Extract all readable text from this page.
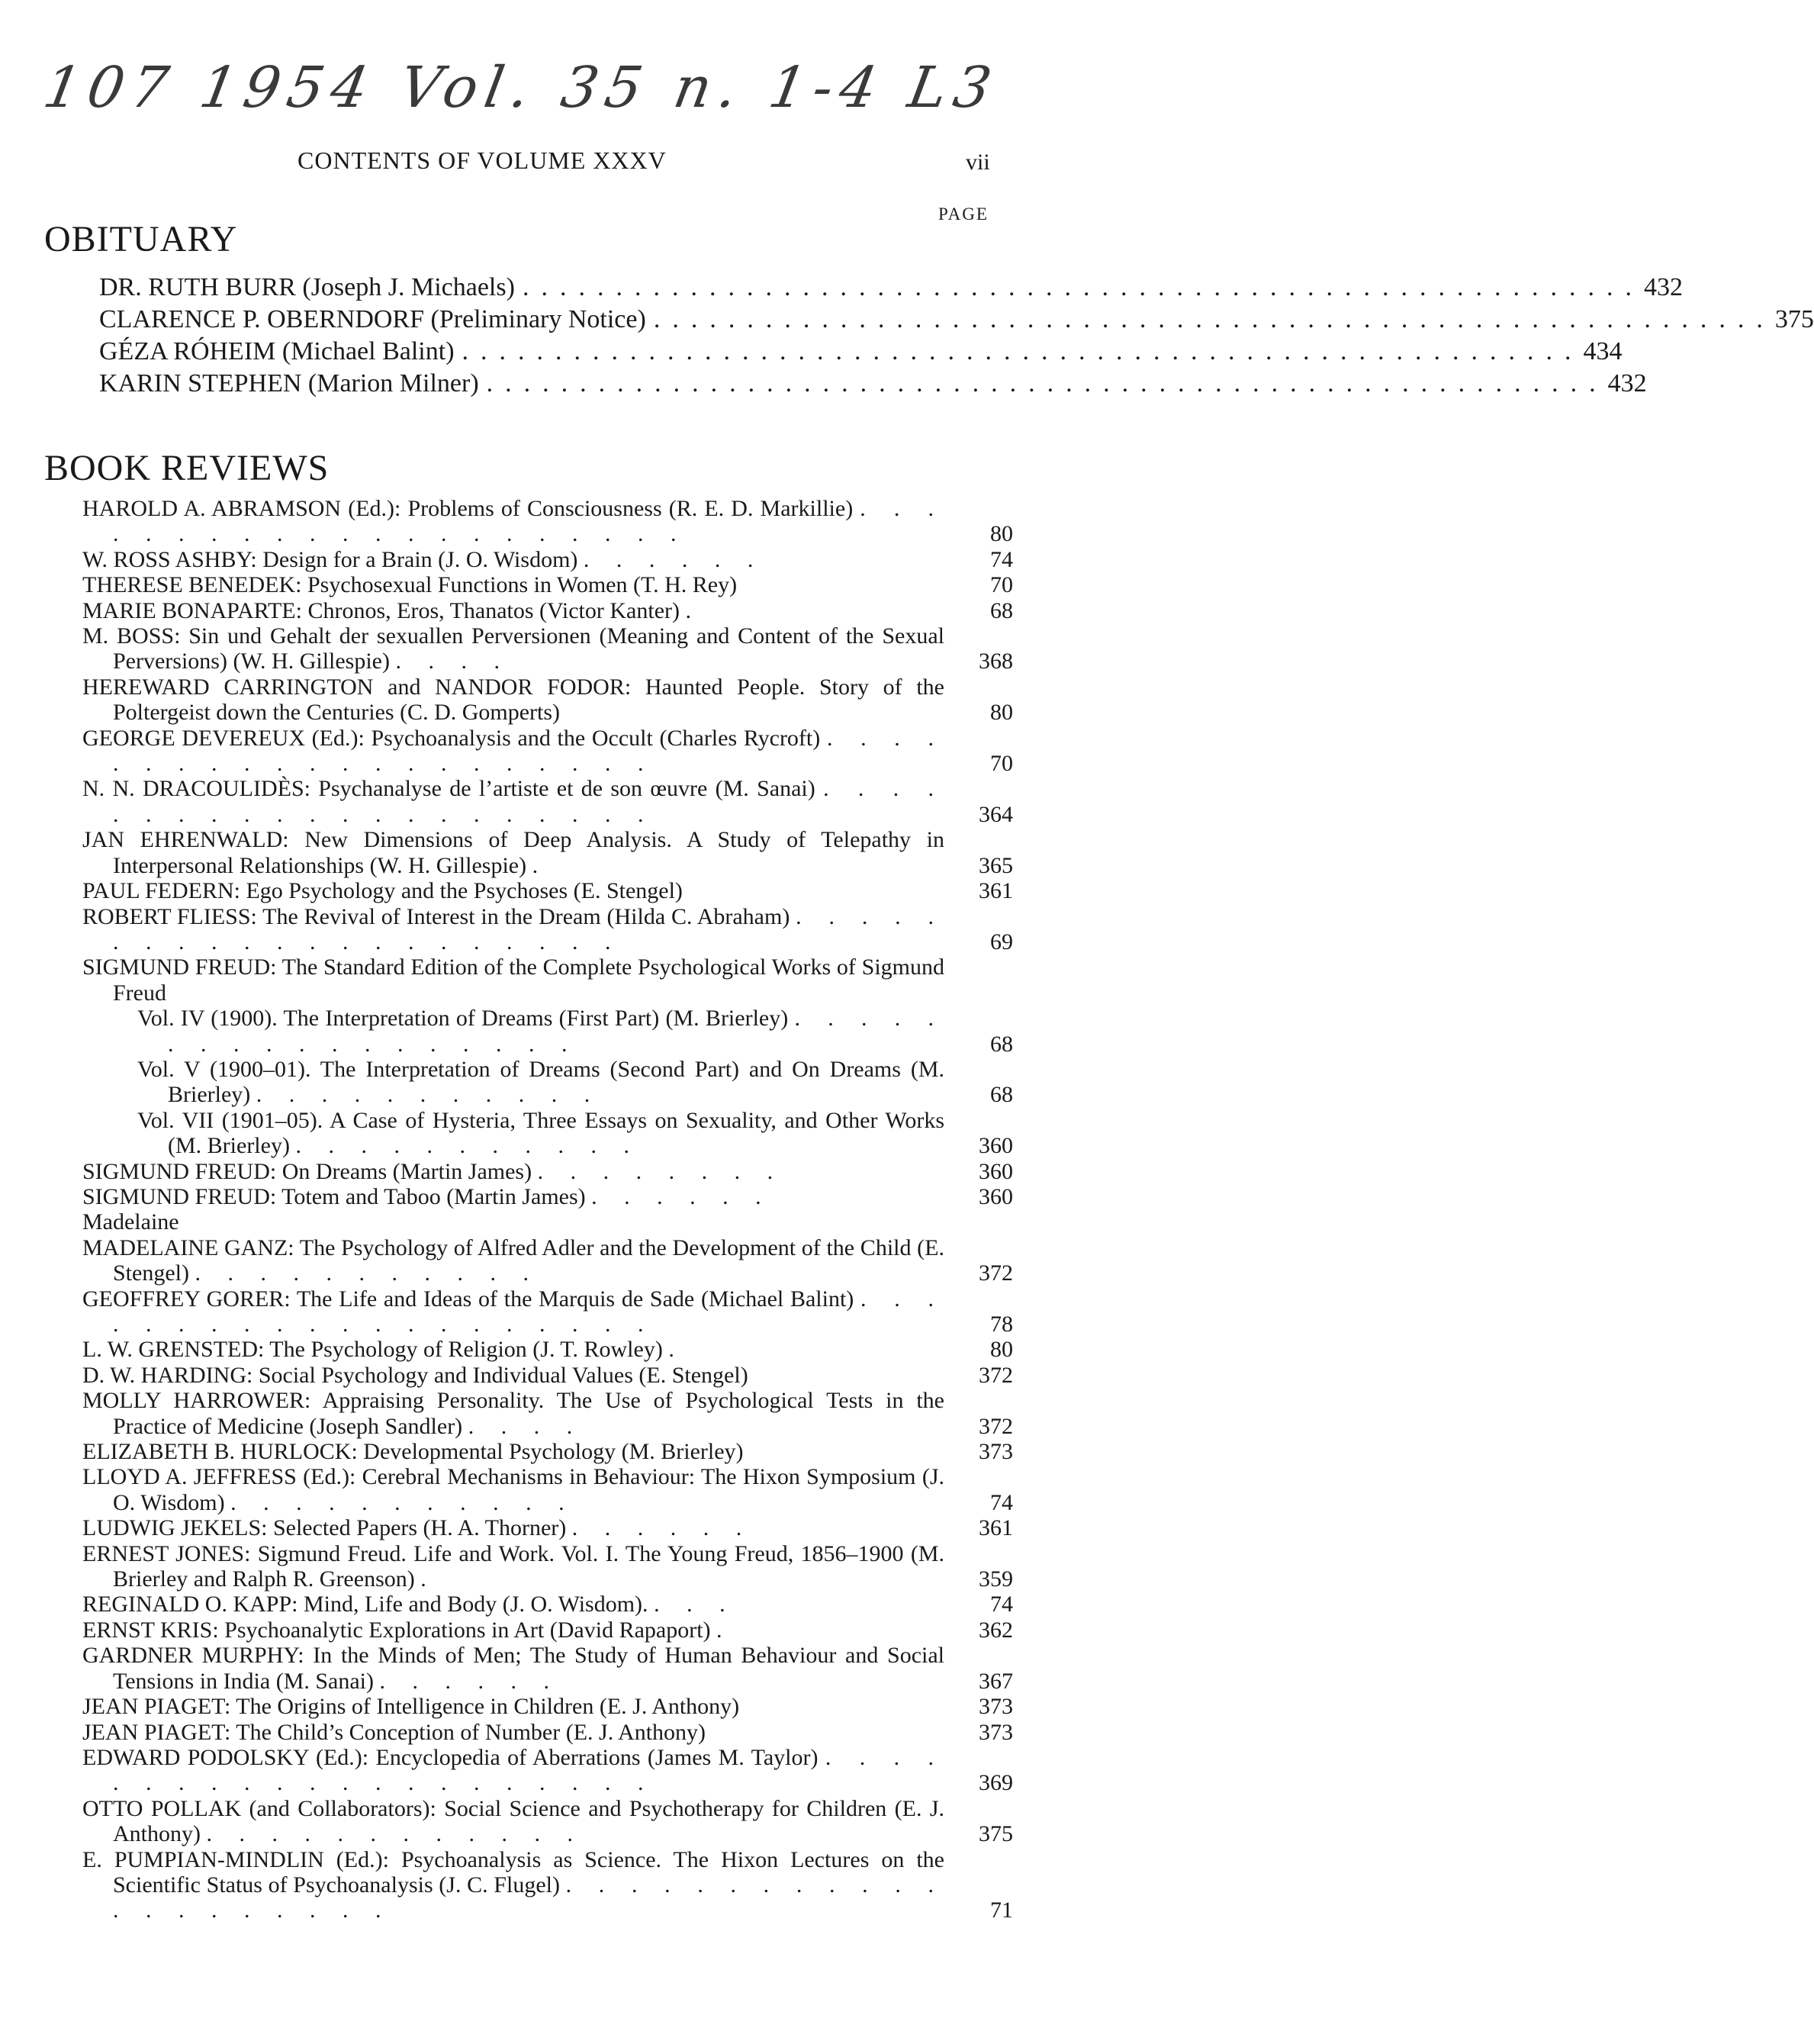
107 1954 Vol. 35 n. 1-4 L3
CONTENTS OF VOLUME XXXV	vii
PAGE
OBITUARY
DR. RUTH BURR (Joseph J. Michaels) ............................................................ 432
CLARENCE P. OBERNDORF (Preliminary Notice) ............................................................ 375
GÉZA RÓHEIM (Michael Balint) ............................................................ 434
KARIN STEPHEN (Marion Milner) ............................................................ 432
BOOK REVIEWS
HAROLD A. ABRAMSON (Ed.): Problems of Consciousness (R. E. D. Markillie) . . . . . . . . . . . . . . . . . . . . .	80
W. ROSS ASHBY: Design for a Brain (J. O. Wisdom) . . . . . .	74
THERESE BENEDEK: Psychosexual Functions in Women (T. H. Rey)	70
MARIE BONAPARTE: Chronos, Eros, Thanatos (Victor Kanter) .	68
M. BOSS: Sin und Gehalt der sexuallen Perversionen (Meaning and Content of the Sexual Perversions) (W. H. Gillespie) . . . .	368
HEREWARD CARRINGTON and NANDOR FODOR: Haunted People. Story of the Poltergeist down the Centuries (C. D. Gomperts)	80
GEORGE DEVEREUX (Ed.): Psychoanalysis and the Occult (Charles Rycroft) . . . . . . . . . . . . . . . . . . . . .	70
N. N. DRACOULIDÈS: Psychanalyse de l’artiste et de son œuvre (M. Sanai) . . . . . . . . . . . . . . . . . . . . .	364
JAN EHRENWALD: New Dimensions of Deep Analysis. A Study of Telepathy in Interpersonal Relationships (W. H. Gillespie) .	365
PAUL FEDERN: Ego Psychology and the Psychoses (E. Stengel)	361
ROBERT FLIESS: The Revival of Interest in the Dream (Hilda C. Abraham) . . . . . . . . . . . . . . . . . . . . .	69
SIGMUND FREUD: The Standard Edition of the Complete Psychological Works of Sigmund Freud
Vol. IV (1900). The Interpretation of Dreams (First Part) (M. Brierley) . . . . . . . . . . . . . . . . . .	68
Vol. V (1900–01). The Interpretation of Dreams (Second Part) and On Dreams (M. Brierley) . . . . . . . . . . .	68
Vol. VII (1901–05). A Case of Hysteria, Three Essays on Sexuality, and Other Works (M. Brierley) . . . . . . . . . . .	360
SIGMUND FREUD: On Dreams (Martin James) . . . . . . . .	360
SIGMUND FREUD: Totem and Taboo (Martin James) . . . . . .	360
Madelaine
MADELAINE GANZ: The Psychology of Alfred Adler and the Development of the Child (E. Stengel) . . . . . . . . . . .	372
GEOFFREY GORER: The Life and Ideas of the Marquis de Sade (Michael Balint) . . . . . . . . . . . . . . . . . . . .	78
L. W. GRENSTED: The Psychology of Religion (J. T. Rowley) .	80
D. W. HARDING: Social Psychology and Individual Values (E. Stengel)	372
MOLLY HARROWER: Appraising Personality. The Use of Psychological Tests in the Practice of Medicine (Joseph Sandler) . . . .	372
ELIZABETH B. HURLOCK: Developmental Psychology (M. Brierley)	373
LLOYD A. JEFFRESS (Ed.): Cerebral Mechanisms in Behaviour: The Hixon Symposium (J. O. Wisdom) . . . . . . . . . . .	74
LUDWIG JEKELS: Selected Papers (H. A. Thorner) . . . . . .	361
ERNEST JONES: Sigmund Freud. Life and Work. Vol. I. The Young Freud, 1856–1900 (M. Brierley and Ralph R. Greenson) .	359
REGINALD O. KAPP: Mind, Life and Body (J. O. Wisdom). . . .	74
ERNST KRIS: Psychoanalytic Explorations in Art (David Rapaport) .	362
GARDNER MURPHY: In the Minds of Men; The Study of Human Behaviour and Social Tensions in India (M. Sanai) . . . . . .	367
JEAN PIAGET: The Origins of Intelligence in Children (E. J. Anthony)	373
JEAN PIAGET: The Child’s Conception of Number (E. J. Anthony)	373
EDWARD PODOLSKY (Ed.): Encyclopedia of Aberrations (James M. Taylor) . . . . . . . . . . . . . . . . . . . . .	369
OTTO POLLAK (and Collaborators): Social Science and Psychotherapy for Children (E. J. Anthony) . . . . . . . . . . . .	375
E. PUMPIAN-MINDLIN (Ed.): Psychoanalysis as Science. The Hixon Lectures on the Scientific Status of Psychoanalysis (J. C. Flugel) . . . . . . . . . . . . . . . . . . . . .	71
